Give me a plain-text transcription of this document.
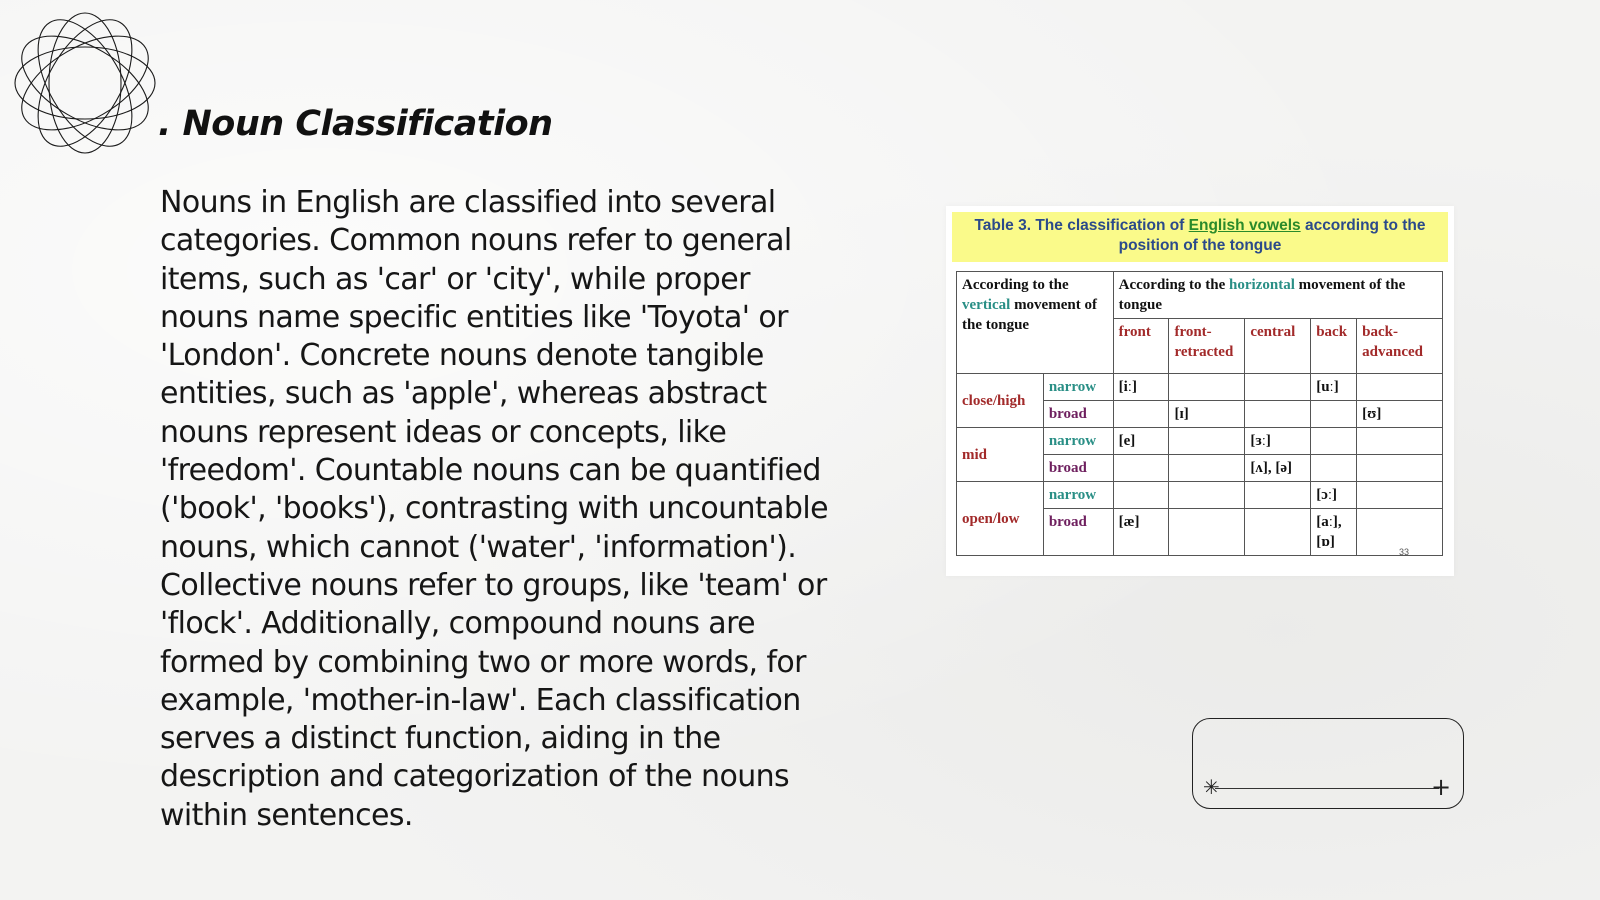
. Noun Classification

Nouns in English are classified into several categories. Common nouns refer to general items, such as 'car' or 'city', while proper nouns name specific entities like 'Toyota' or 'London'. Concrete nouns denote tangible entities, such as 'apple', whereas abstract nouns represent ideas or concepts, like 'freedom'. Countable nouns can be quantified ('book', 'books'), contrasting with uncountable nouns, which cannot ('water', 'information'). Collective nouns refer to groups, like 'team' or 'flock'. Additionally, compound nouns are formed by combining two or more words, for example, 'mother-in-law'. Each classification serves a distinct function, aiding in the description and categorization of the nouns within sentences.

Table 3. The classification of English vowels according to the position of the tongue
According to the vertical movement of the tongue		According to the horizontal movement of the tongue				
		front	front-retracted	central	back	back-advanced
close/high	narrow	[iː]			[uː]	
	broad		[ɪ]			[ʊ]
mid	narrow	[e]		[ɜː]		
	broad			[ʌ], [ə]		
open/low	narrow				[ɔː]	
	broad	[æ]			[aː], [ɒ]	
33
✳	+
